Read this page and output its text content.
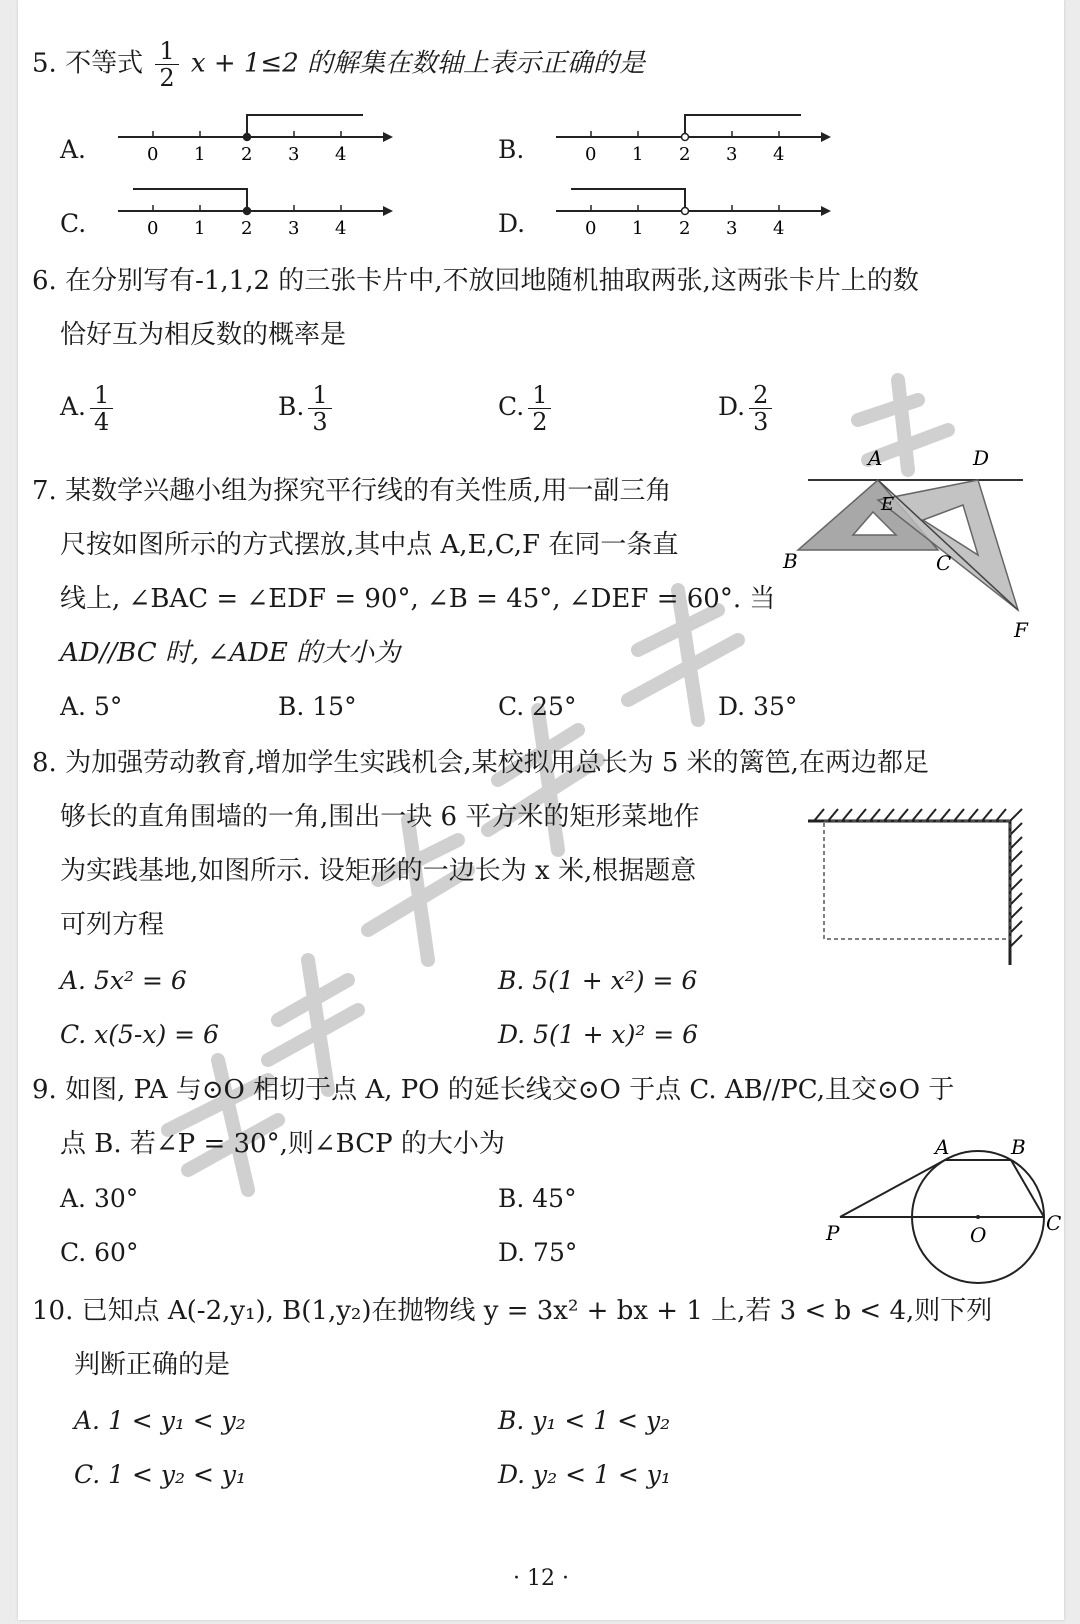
5. 不等式 $\frac{1}{2}$ x + 1≤2 的解集在数轴上表示正确的是
A.	B.
C.	D.
0 1 2 3 4	0 1 2 3 4
0 1 2 3 4	0 1 2 3 4
6. 在分别写有-1,1,2 的三张卡片中,不放回地随机抽取两张,这两张卡片上的数
恰好互为相反数的概率是
A. $\frac{1}{4}$	B. $\frac{1}{3}$	C. $\frac{1}{2}$	D. $\frac{2}{3}$
7. 某数学兴趣小组为探究平行线的有关性质,用一副三角
尺按如图所示的方式摆放,其中点 A,E,C,F 在同一条直
线上, ∠BAC = ∠EDF = 90°, ∠B = 45°, ∠DEF = 60°. 当
AD//BC 时, ∠ADE 的大小为
A. 5°	B. 15°	C. 25°	D. 35°
A	D
E
B	C
F
8. 为加强劳动教育,增加学生实践机会,某校拟用总长为 5 米的篱笆,在两边都足
够长的直角围墙的一角,围出一块 6 平方米的矩形菜地作
为实践基地,如图所示. 设矩形的一边长为 x 米,根据题意
可列方程
A. 5x² = 6	B. 5(1 + x²) = 6
C. x(5-x) = 6	D. 5(1 + x)² = 6
9. 如图, PA 与⊙O 相切于点 A, PO 的延长线交⊙O 于点 C. AB//PC,且交⊙O 于
点 B. 若∠P = 30°,则∠BCP 的大小为
A. 30°	B. 45°
C. 60°	D. 75°
A	B
P	O	C
10. 已知点 A(-2,y₁), B(1,y₂)在抛物线 y = 3x² + bx + 1 上,若 3 < b < 4,则下列
判断正确的是
A. 1 < y₁ < y₂	B. y₁ < 1 < y₂
C. 1 < y₂ < y₁	D. y₂ < 1 < y₁
· 12 ·
